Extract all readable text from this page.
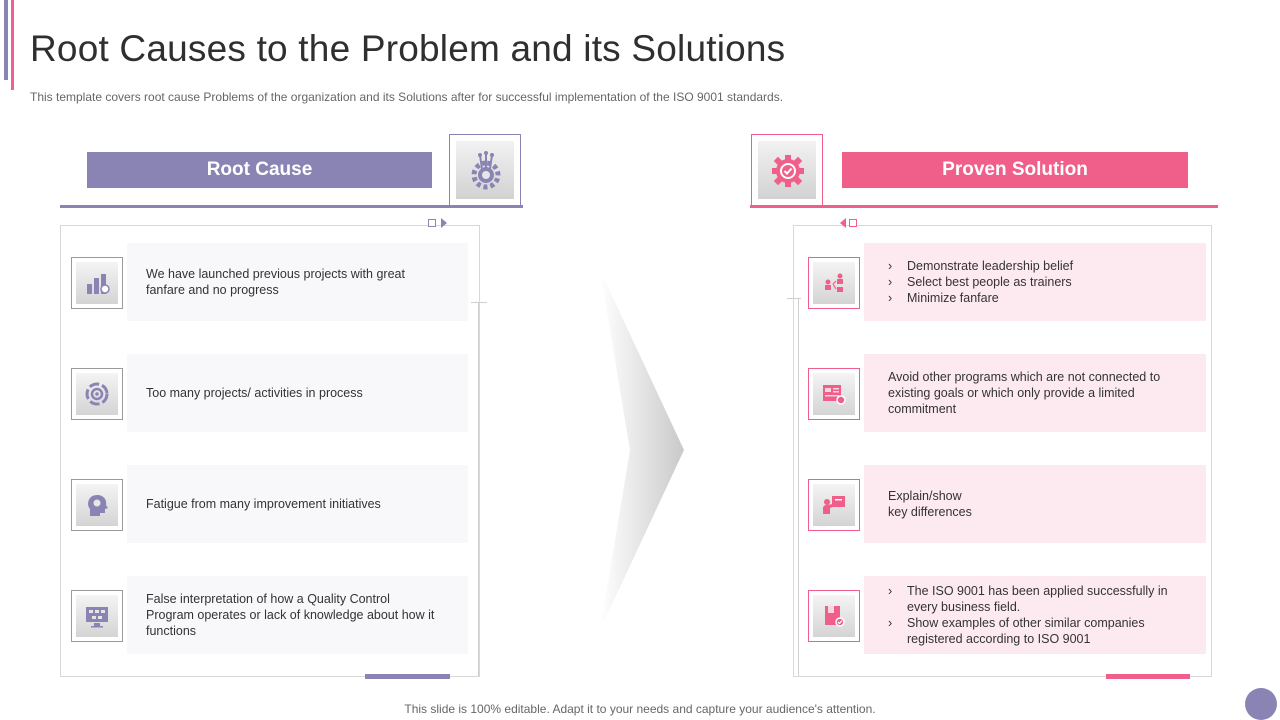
Root Causes to the Problem and its Solutions
This template covers root cause Problems of the organization and its Solutions after for successful implementation of the ISO 9001 standards.
Root Cause	Proven Solution
We have launched previous projects with great fanfare and no progress
Too many projects/ activities in process
Fatigue from many improvement initiatives
False interpretation of how a Quality Control Program operates or lack of knowledge about how it functions
› Demonstrate leadership belief
› Select best people as trainers
› Minimize fanfare
Avoid other programs which are not connected to existing goals or which only provide a limited commitment
Explain/show
key differences
› The ISO 9001 has been applied successfully in every business field.
› Show examples of other similar companies registered according to ISO 9001
This slide is 100% editable. Adapt it to your needs and capture your audience's attention.
